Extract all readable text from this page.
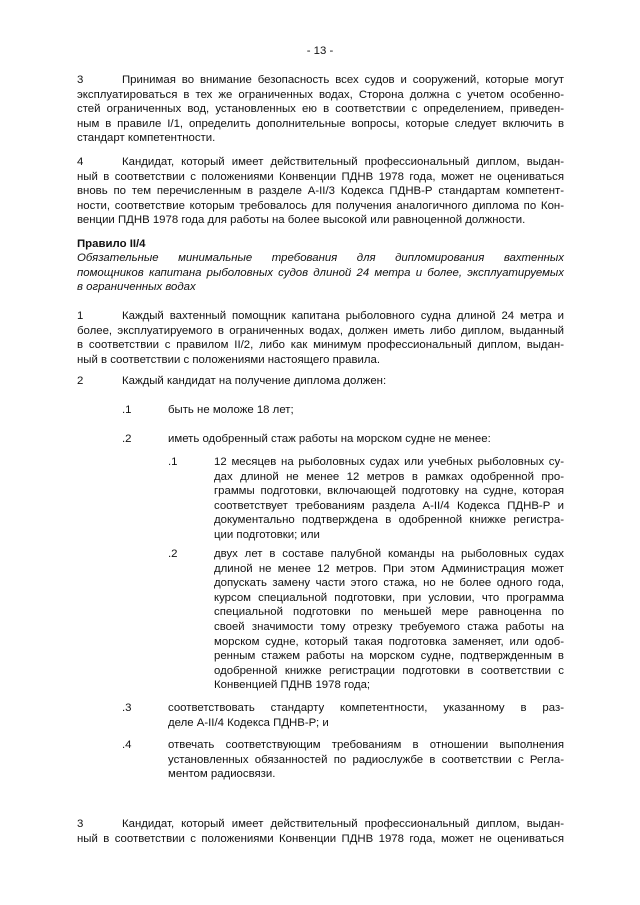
- 13 -
3	Принимая во внимание безопасность всех судов и сооружений, которые могут
эксплуатироваться в тех же ограниченных водах, Сторона должна с учетом особенно-
стей ограниченных вод, установленных ею в соответствии с определением, приведен-
ным в правиле I/1, определить дополнительные вопросы, которые следует включить в
стандарт компетентности.
4	Кандидат, который имеет действительный профессиональный диплом, выдан-
ный в соответствии с положениями Конвенции ПДНВ 1978 года, может не оцениваться
вновь по тем перечисленным в разделе A-II/3 Кодекса ПДНВ-Р стандартам компетент-
ности, соответствие которым требовалось для получения аналогичного диплома по Кон-
венции ПДНВ 1978 года для работы на более высокой или равноценной должности.
Правило II/4
Обязательные минимальные требования для дипломирования вахтенных
помощников капитана рыболовных судов длиной 24 метра и более, эксплуатируемых
в ограниченных водах
1	Каждый вахтенный помощник капитана рыболовного судна длиной 24 метра и
более, эксплуатируемого в ограниченных водах, должен иметь либо диплом, выданный
в соответствии с правилом II/2, либо как минимум профессиональный диплом, выдан-
ный в соответствии с положениями настоящего правила.
2	Каждый кандидат на получение диплома должен:
.1	быть не моложе 18 лет;
.2	иметь одобренный стаж работы на морском судне не менее:
.1	12 месяцев на рыболовных судах или учебных рыболовных су-
дах длиной не менее 12 метров в рамках одобренной про-
граммы подготовки, включающей подготовку на судне, которая
соответствует требованиям раздела A-II/4 Кодекса ПДНВ-Р и
документально подтверждена в одобренной книжке регистра-
ции подготовки; или
.2	двух лет в составе палубной команды на рыболовных судах
длиной не менее 12 метров. При этом Администрация может
допускать замену части этого стажа, но не более одного года,
курсом специальной подготовки, при условии, что программа
специальной подготовки по меньшей мере равноценна по
своей значимости тому отрезку требуемого стажа работы на
морском судне, который такая подготовка заменяет, или одоб-
ренным стажем работы на морском судне, подтвержденным в
одобренной книжке регистрации подготовки в соответствии с
Конвенцией ПДНВ 1978 года;
.3	соответствовать стандарту компетентности, указанному в раз-
деле A-II/4 Кодекса ПДНВ-Р; и
.4	отвечать соответствующим требованиям в отношении выполнения
установленных обязанностей по радиослужбе в соответствии с Регла-
ментом радиосвязи.
3	Кандидат, который имеет действительный профессиональный диплом, выдан-
ный в соответствии с положениями Конвенции ПДНВ 1978 года, может не оцениваться
